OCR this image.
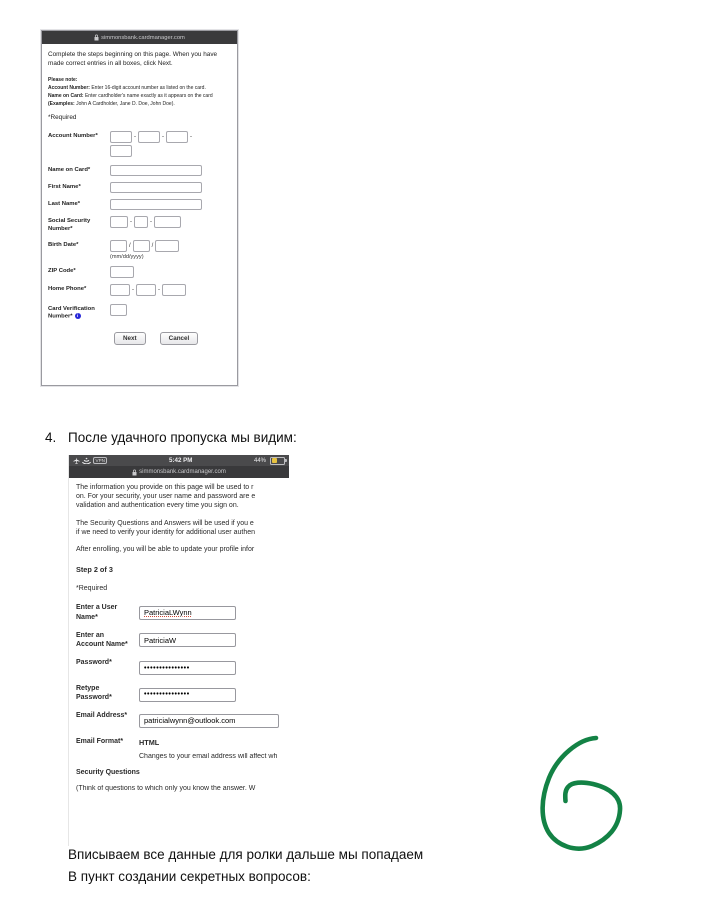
simmonsbank.cardmanager.com

Complete the steps beginning on this page. When you have made correct entries in all boxes, click Next.

Please note:
Account Number: Enter 16-digit account number as listed on the card.
Name on Card: Enter cardholder's name exactly as it appears on the card
(Examples: John A Cardholder, Jane D. Doe, John Doe).
*Required
Account Number*	-	-	-
Name on Card*
First Name*
Last Name*
Social Security Number*
-	-
Birth Date*	/	/
(mm/dd/yyyy)
ZIP Code*
Home Phone*	-	-
Card Verification Number* i
Next	Cancel
4. После удачного пропуска мы видим:
VPN	5:42 PM	44%
simmonsbank.cardmanager.com
The information you provide on this page will be used to r
on. For your security, your user name and password are e
validation and authentication every time you sign on.
The Security Questions and Answers will be used if you e
if we need to verify your identity for additional user authen
After enrolling, you will be able to update your profile infor
Step 2 of 3
*Required
Enter a User Name*
PatriciaLWynn
Enter an Account Name*
PatriciaW
Password*
•••••••••••••••
Retype Password*
•••••••••••••••
Email Address*
patricialwynn@outlook.com
Email Format*	HTML
Changes to your email address will affect wh
Security Questions
(Think of questions to which only you know the answer. W
Вписываем все данные для ролки дальше мы попадаем
В пункт создании секретных вопросов:
